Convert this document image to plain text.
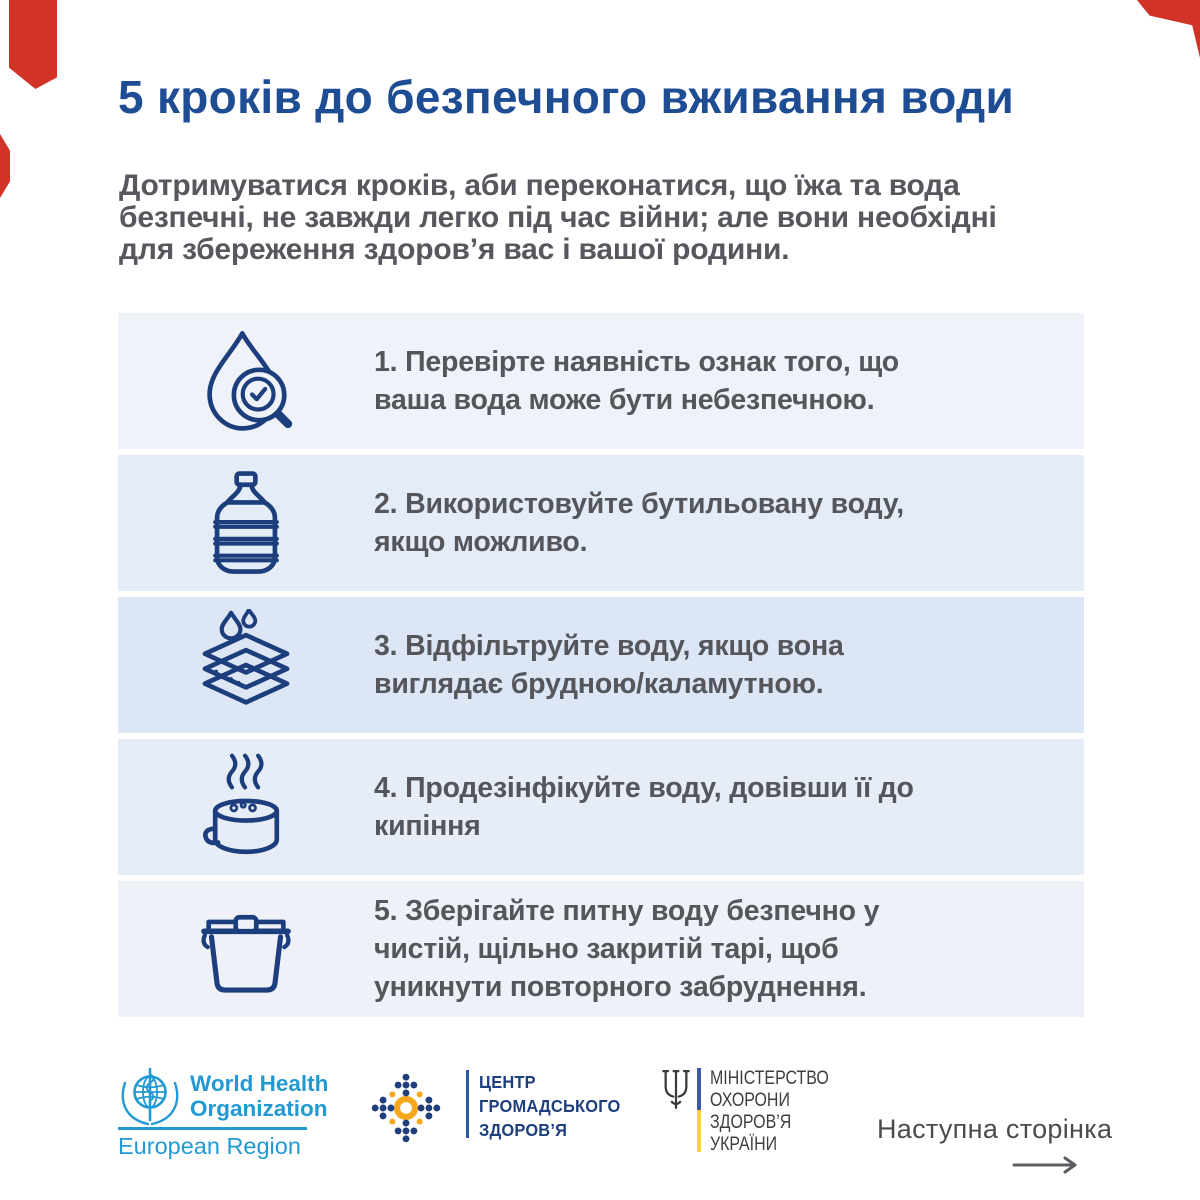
5 кроків до безпечного вживання води
Дотримуватися кроків, аби переконатися, що їжа та вода
безпечні, не завжди легко під час війни; але вони необхідні
для збереження здоров’я вас і вашої родини.
1. Перевірте наявність ознак того, що
ваша вода може бути небезпечною.
2. Використовуйте бутильовану воду,
якщо можливо.
3. Відфільтруйте воду, якщо вона
виглядає брудною/каламутною.
4. Продезінфікуйте воду, довівши її до
кипіння
5. Зберігайте питну воду безпечно у
чистій, щільно закритій тарі, щоб
уникнути повторного забруднення.
World Health
Organization
European Region
ЦЕНТР
ГРОМАДСЬКОГО
ЗДОРОВ’Я
МІНІСТЕРСТВО
ОХОРОНИ
ЗДОРОВ’Я
УКРАЇНИ
Наступна сторінка
